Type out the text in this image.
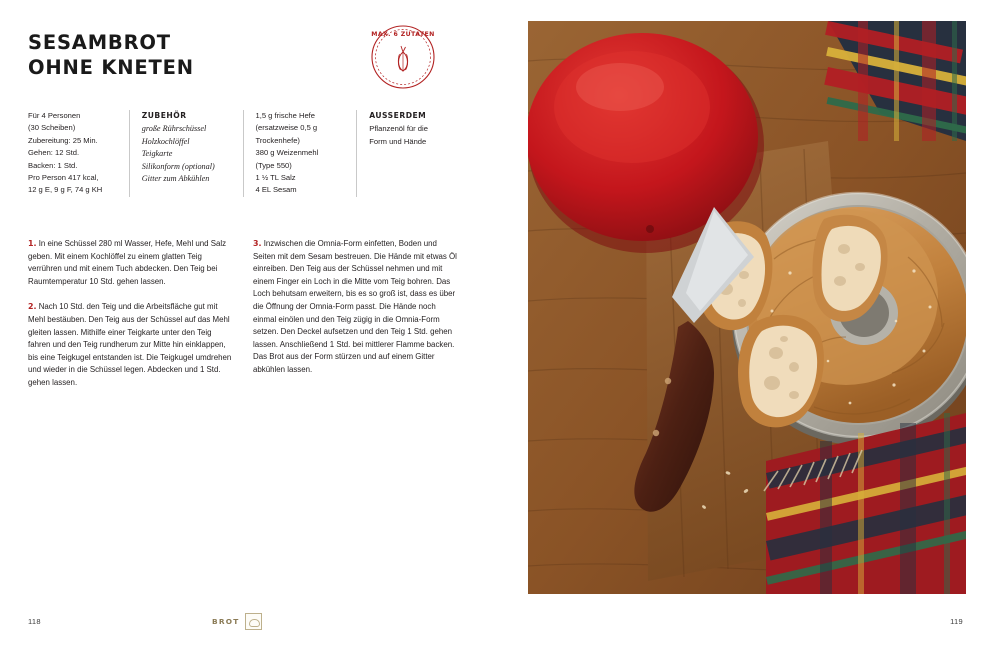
SESAMBROT
OHNE KNETEN
MAX. 6 ZUTATEN
Für 4 Personen
(30 Scheiben)
Zubereitung: 25 Min.
Gehen: 12 Std.
Backen: 1 Std.
Pro Person 417 kcal,
12 g E, 9 g F, 74 g KH
ZUBEHÖR
große Rührschüssel
Holzkochlöffel
Teigkarte
Silikonform (optional)
Gitter zum Abkühlen
1,5 g frische Hefe
(ersatzweise 0,5 g
Trockenhefe)
380 g Weizenmehl
(Type 550)
1 ½ TL Salz
4 EL Sesam
AUSSERDEM
Pflanzenöl für die
Form und Hände

1. In eine Schüssel 280 ml Wasser, Hefe, Mehl und Salz geben. Mit einem Kochlöffel zu einem glatten Teig verrühren und mit einem Tuch abdecken. Den Teig bei Raumtemperatur 10 Std. gehen lassen.

2. Nach 10 Std. den Teig und die Arbeitsfläche gut mit Mehl bestäuben. Den Teig aus der Schüssel auf das Mehl gleiten lassen. Mithilfe einer Teigkarte unter den Teig fahren und den Teig rundherum zur Mitte hin einklappen, bis eine Teigkugel entstanden ist. Die Teigkugel umdrehen und wieder in die Schüssel legen. Abdecken und 1 Std. gehen lassen.

3. Inzwischen die Omnia-Form einfetten, Boden und Seiten mit dem Sesam bestreuen. Die Hände mit etwas Öl einreiben. Den Teig aus der Schüssel nehmen und mit einem Finger ein Loch in die Mitte vom Teig bohren. Das Loch behutsam erweitern, bis es so groß ist, dass es über die Öffnung der Omnia-Form passt. Die Hände noch einmal einölen und den Teig zügig in die Omnia-Form setzen. Den Deckel aufsetzen und den Teig 1 Std. gehen lassen. Anschließend 1 Std. bei mittlerer Flamme backen. Das Brot aus der Form stürzen und auf einem Gitter abkühlen lassen.

118	BROT	119
